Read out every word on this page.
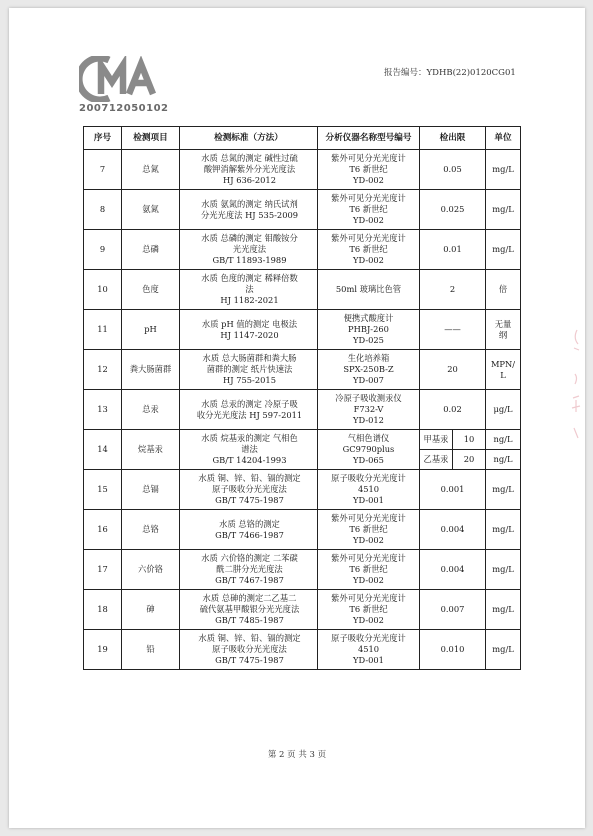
200712050102
报告编号：YDHB(22)0120CG01
序号	检测项目	检测标准（方法）	分析仪器名称型号编号	检出限		单位
7	总氮	水质 总氮的测定 碱性过硫
酸钾消解紫外分光光度法
HJ 636-2012	紫外可见分光光度计
T6 新世纪
YD-002	0.05		mg/L

8	氨氮	水质 氨氮的测定 纳氏试剂
分光光度法 HJ 535-2009	紫外可见分光光度计
T6 新世纪
YD-002	0.025		mg/L

9	总磷	水质 总磷的测定 钼酸铵分
光光度法
GB/T 11893-1989	紫外可见分光光度计
T6 新世纪
YD-002	0.01		mg/L

10	色度	水质 色度的测定 稀释倍数
法
HJ 1182-2021	50ml 玻璃比色管	2		倍

11	pH	水质 pH 值的测定 电极法
HJ 1147-2020	便携式酸度计
PHBJ-260
YD-025	——		无量
纲

12	粪大肠菌群	水质 总大肠菌群和粪大肠
菌群的测定 纸片快速法
HJ 755-2015	生化培养箱
SPX-250B-Z
YD-007	20		MPN/
L

13	总汞	水质 总汞的测定 冷原子吸
收分光光度法 HJ 597-2011	冷原子吸收测汞仪
F732-V
YD-012	0.02		μg/L

14	烷基汞	水质 烷基汞的测定 气相色
谱法
GB/T 14204-1993	气相色谱仪
GC9790plus
YD-065	甲基汞	10	ng/L
				乙基汞	20	ng/L
15	总镉	水质 铜、锌、铅、镉的测定
原子吸收分光光度法
GB/T 7475-1987	原子吸收分光光度计
4510
YD-001	0.001		mg/L

16	总铬	水质 总铬的测定
GB/T 7466-1987	紫外可见分光光度计
T6 新世纪
YD-002	0.004		mg/L

17	六价铬	水质 六价铬的测定 二苯碳
酰二肼分光光度法
GB/T 7467-1987	紫外可见分光光度计
T6 新世纪
YD-002	0.004		mg/L

18	砷	水质 总砷的测定二乙基二
硫代氨基甲酸银分光光度法
GB/T 7485-1987	紫外可见分光光度计
T6 新世纪
YD-002	0.007		mg/L

19	铅	水质 铜、锌、铅、镉的测定
原子吸收分光光度法
GB/T 7475-1987	原子吸收分光光度计
4510
YD-001	0.010		mg/L
第 2 页 共 3 页
